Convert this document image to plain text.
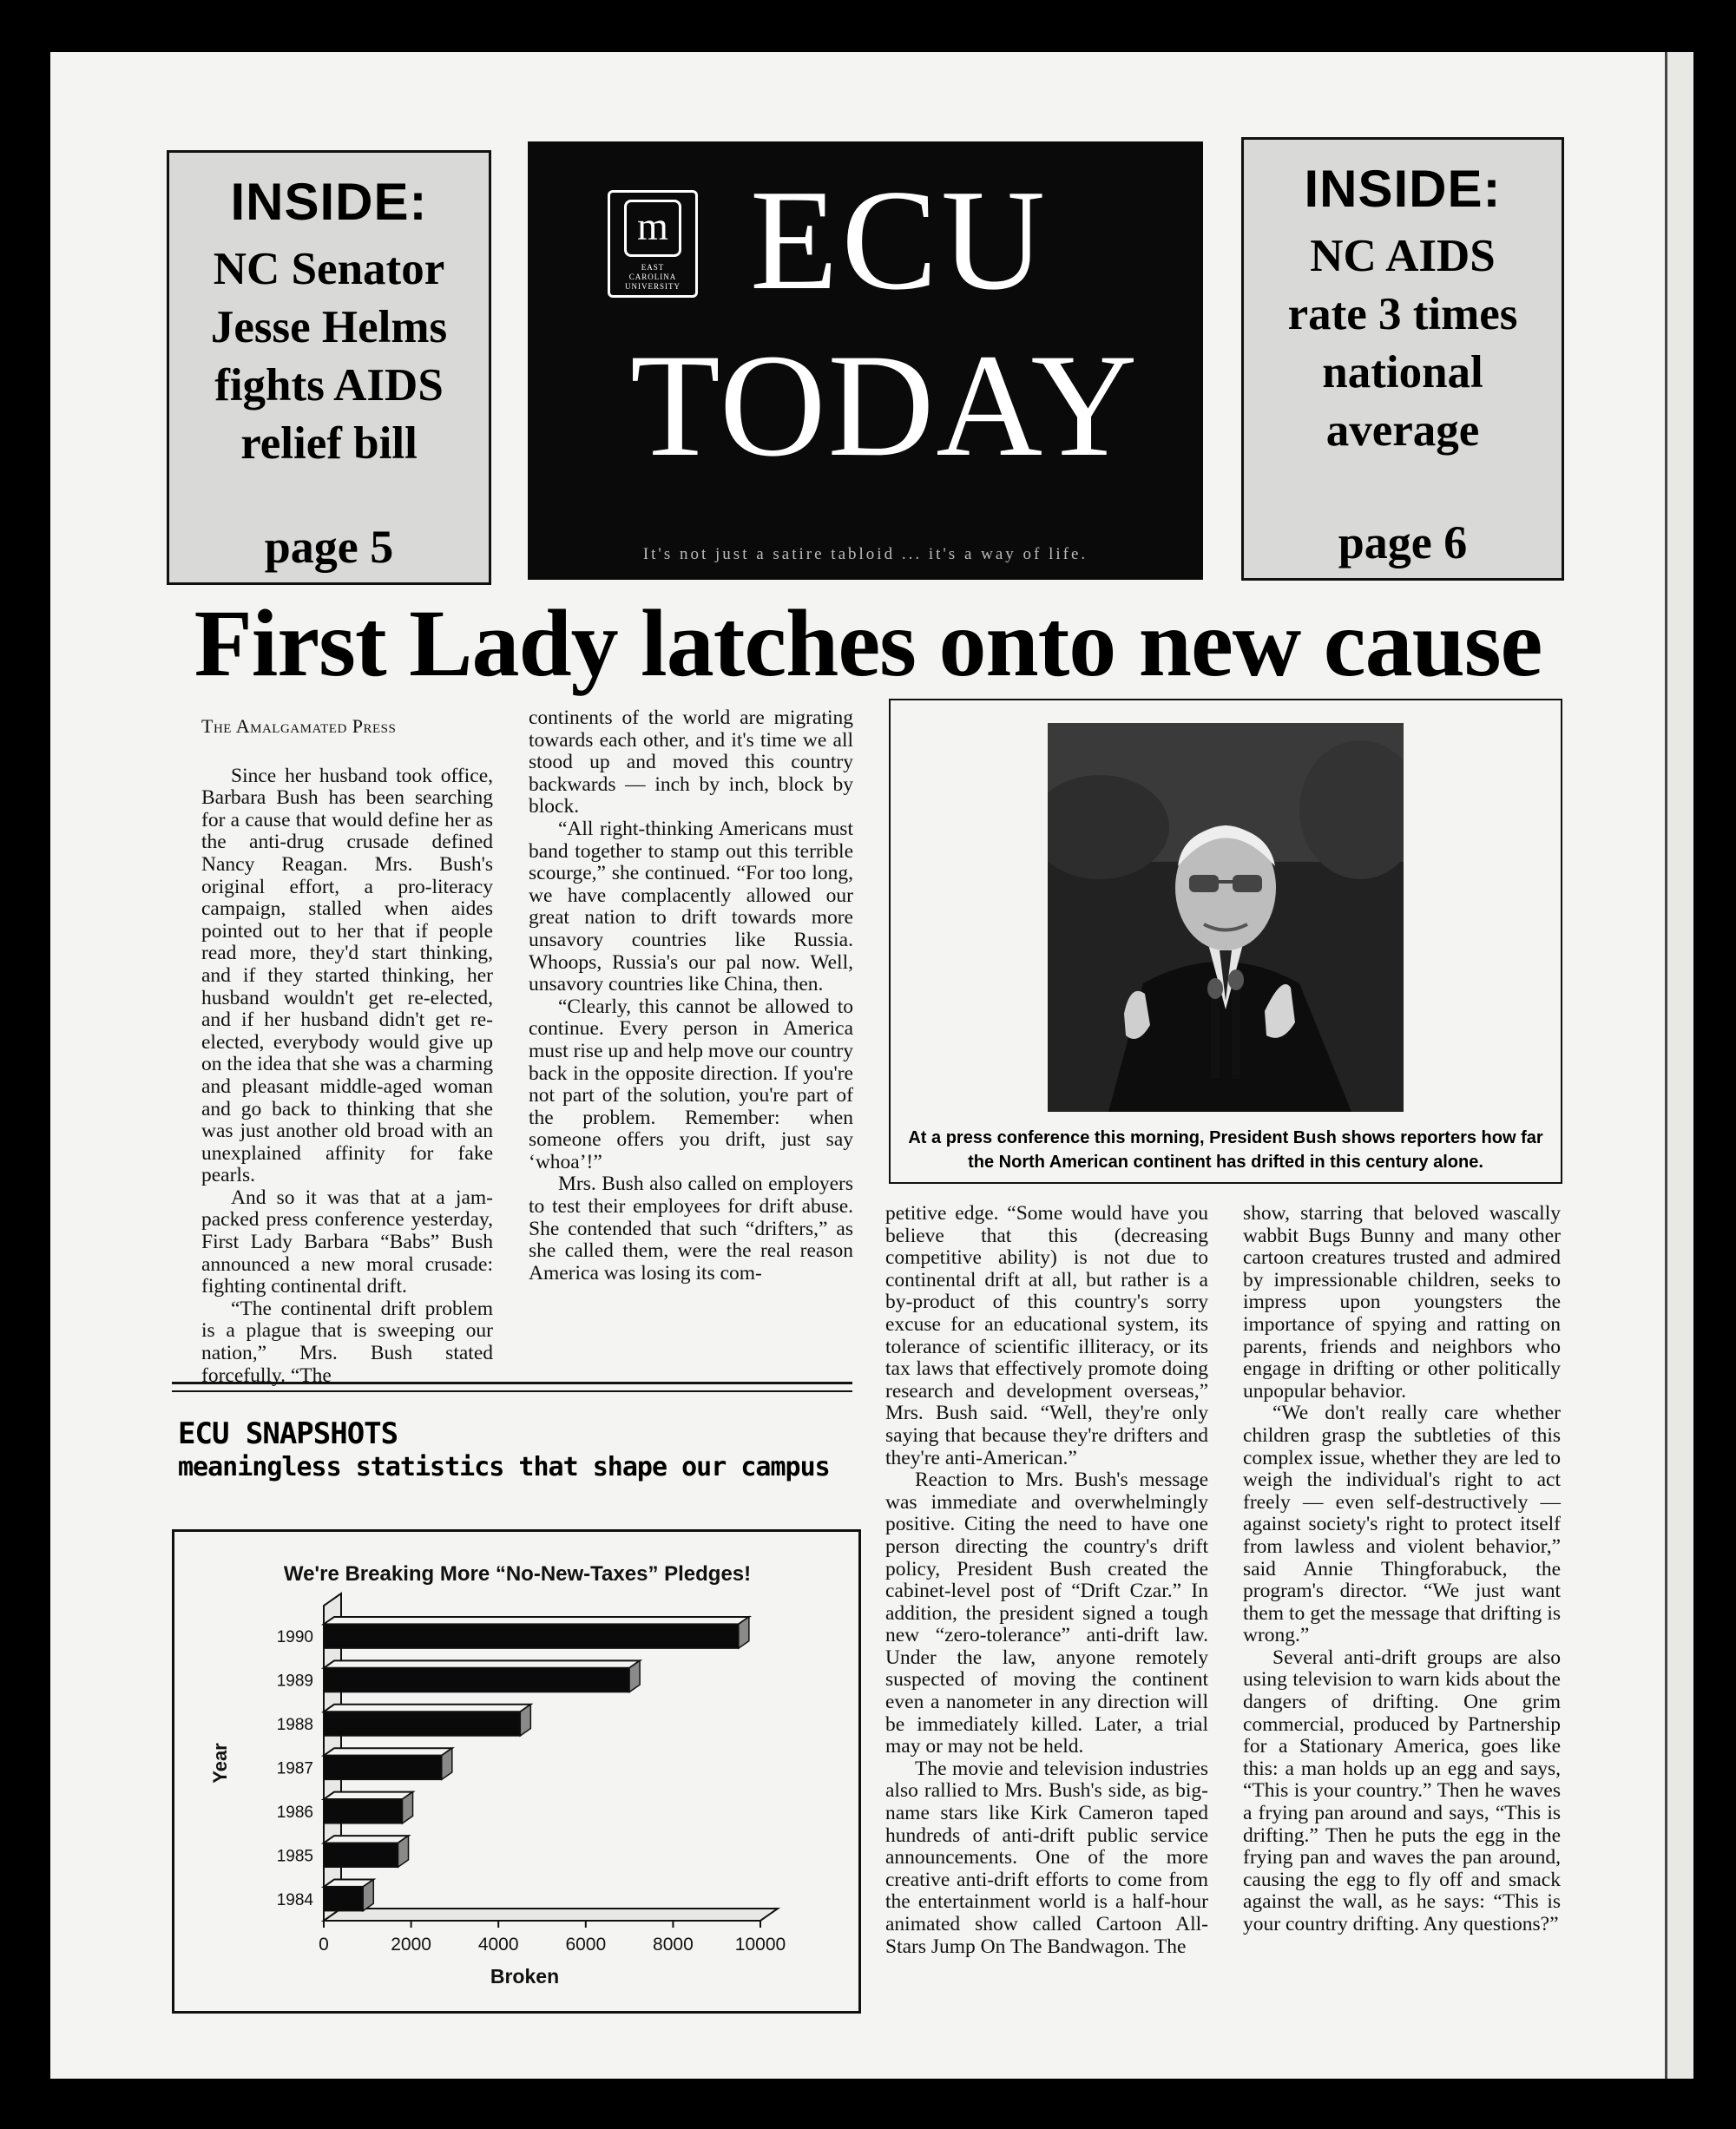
INSIDE:
NC Senator
Jesse Helms
fights AIDS
relief bill
page 5
m
EAST
CAROLINA
UNIVERSITY ECU
TODAY
It's not just a satire tabloid ... it's a way of life.
INSIDE:
NC AIDS
rate 3 times
national
average
page 6
First Lady latches onto new cause
The Amalgamated Press

Since her husband took office, Barbara Bush has been searching for a cause that would define her as the anti-drug crusade defined Nancy Reagan. Mrs. Bush's original effort, a pro-literacy campaign, stalled when aides pointed out to her that if people read more, they'd start thinking, and if they started thinking, her husband wouldn't get re-elected, and if her husband didn't get re-elected, everybody would give up on the idea that she was a charming and pleasant middle-aged woman and go back to thinking that she was just another old broad with an unexplained affinity for fake pearls.

And so it was that at a jam-packed press conference yesterday, First Lady Barbara “Babs” Bush announced a new moral crusade: fighting continental drift.

“The continental drift problem is a plague that is sweeping our nation,” Mrs. Bush stated forcefully. “The

continents of the world are migrating towards each other, and it's time we all stood up and moved this country backwards — inch by inch, block by block.

“All right-thinking Americans must band together to stamp out this terrible scourge,” she continued. “For too long, we have complacently allowed our great nation to drift towards more unsavory countries like Russia. Whoops, Russia's our pal now. Well, unsavory countries like China, then.

“Clearly, this cannot be allowed to continue. Every person in America must rise up and help move our country back in the opposite direction. If you're not part of the solution, you're part of the problem. Remember: when someone offers you drift, just say ‘whoa’!”

Mrs. Bush also called on employers to test their employees for drift abuse. She contended that such “drifters,” as she called them, were the real reason America was losing its com-

At a press conference this morning, President Bush shows reporters how far the North American continent has drifted in this century alone.

petitive edge. “Some would have you believe that this (decreasing competitive ability) is not due to continental drift at all, but rather is a by-product of this country's sorry excuse for an educational system, its tolerance of scientific illiteracy, or its tax laws that effectively promote doing research and development overseas,” Mrs. Bush said. “Well, they're only saying that because they're drifters and they're anti-American.”

Reaction to Mrs. Bush's message was immediate and overwhelmingly positive. Citing the need to have one person directing the country's drift policy, President Bush created the cabinet-level post of “Drift Czar.” In addition, the president signed a tough new “zero-tolerance” anti-drift law. Under the law, anyone remotely suspected of moving the continent even a nanometer in any direction will be immediately killed. Later, a trial may or may not be held.

The movie and television industries also rallied to Mrs. Bush's side, as big-name stars like Kirk Cameron taped hundreds of anti-drift public service announcements. One of the more creative anti-drift efforts to come from the entertainment world is a half-hour animated show called Cartoon All-Stars Jump On The Bandwagon. The

show, starring that beloved wascally wabbit Bugs Bunny and many other cartoon creatures trusted and admired by impressionable children, seeks to impress upon youngsters the importance of spying and ratting on parents, friends and neighbors who engage in drifting or other politically unpopular behavior.

“We don't really care whether children grasp the subtleties of this complex issue, whether they are led to weigh the individual's right to act freely — even self-destructively — against society's right to protect itself from lawless and violent behavior,” said Annie Thingforabuck, the program's director. “We just want them to get the message that drifting is wrong.”

Several anti-drift groups are also using television to warn kids about the dangers of drifting. One grim commercial, produced by Partnership for a Stationary America, goes like this: a man holds up an egg and says, “This is your country.” Then he waves a frying pan around and says, “This is drifting.” Then he puts the egg in the frying pan and waves the pan around, causing the egg to fly off and smack against the wall, as he says: “This is your country drifting. Any questions?”

ECU SNAPSHOTS
meaningless statistics that shape our campus
We're Breaking More “No-New-Taxes” Pledges!
1990
1989
1988
1987
1986
1985
1984
0	2000	4000	6000	8000 10000
Broken
Year
